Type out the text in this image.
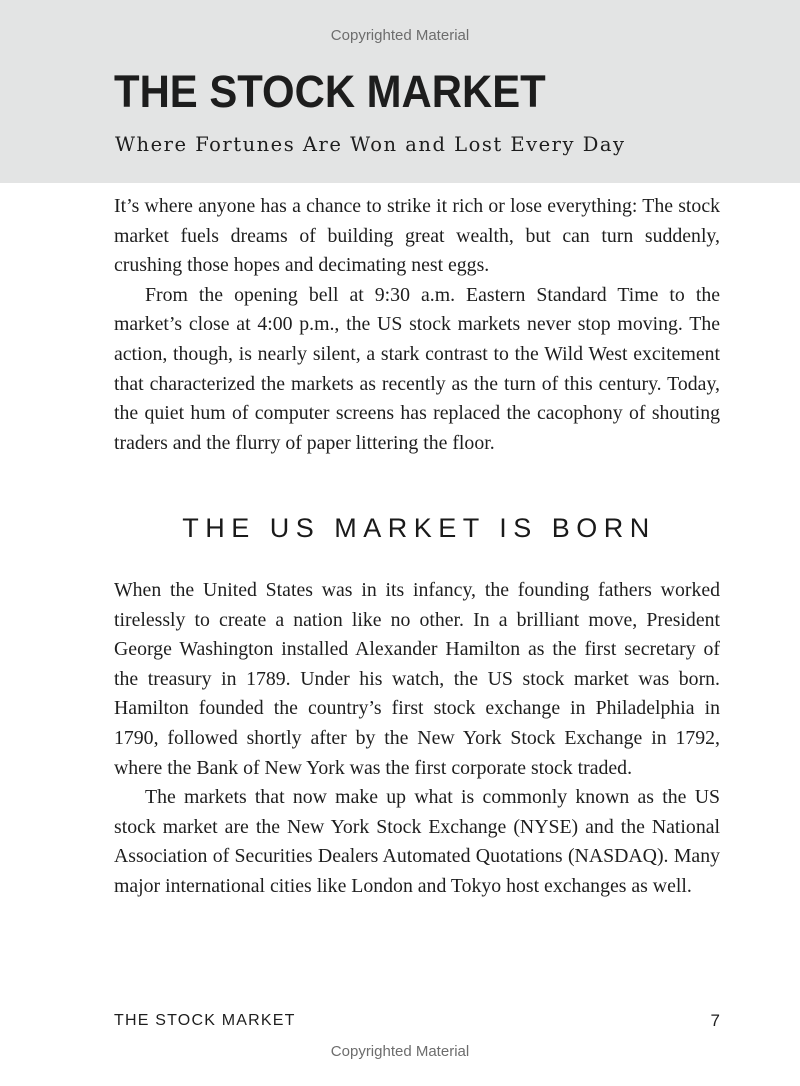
Copyrighted Material
THE STOCK MARKET
Where Fortunes Are Won and Lost Every Day

It’s where anyone has a chance to strike it rich or lose everything: The stock market fuels dreams of building great wealth, but can turn suddenly, crushing those hopes and decimating nest eggs.

From the opening bell at 9:30 a.m. Eastern Standard Time to the market’s close at 4:00 p.m., the US stock markets never stop moving. The action, though, is nearly silent, a stark contrast to the Wild West excitement that characterized the markets as recently as the turn of this century. Today, the quiet hum of computer screens has replaced the cacophony of shouting traders and the flurry of paper littering the floor.

THE US MARKET IS BORN

When the United States was in its infancy, the founding fathers worked tirelessly to create a nation like no other. In a brilliant move, President George Washington installed Alexander Hamilton as the first secretary of the treasury in 1789. Under his watch, the US stock market was born. Hamilton founded the country’s first stock exchange in Philadelphia in 1790, followed shortly after by the New York Stock Exchange in 1792, where the Bank of New York was the first corporate stock traded.

The markets that now make up what is commonly known as the US stock market are the New York Stock Exchange (NYSE) and the National Association of Securities Dealers Automated Quotations (NASDAQ). Many major international cities like London and Tokyo host exchanges as well.

THE STOCK MARKET	7
Copyrighted Material
